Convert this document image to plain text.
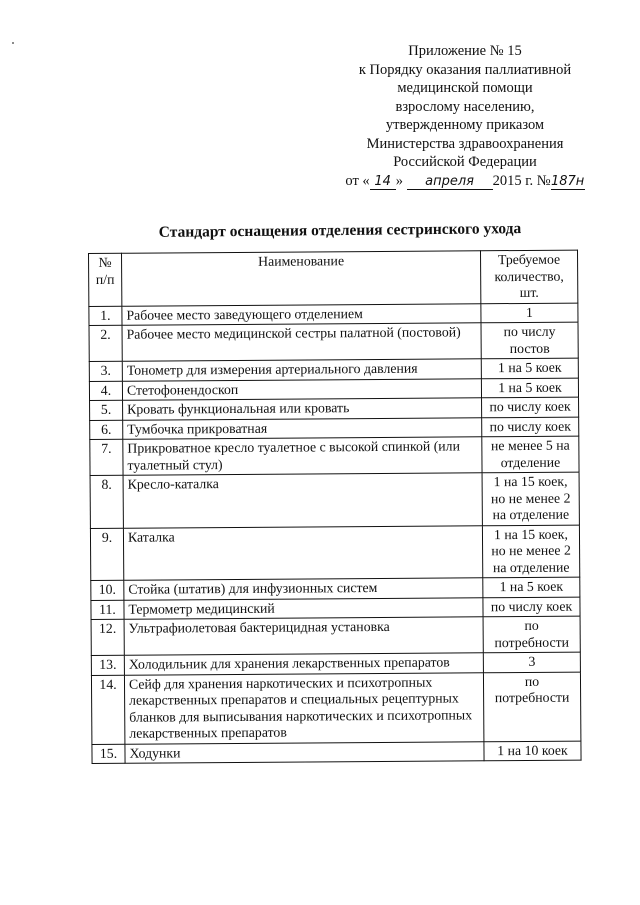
Приложение № 15
к Порядку оказания паллиативной
медицинской помощи
взрослому населению,
утвержденному приказом
Министерства здравоохранения
Российской Федерации
от « 14 » апреля 2015 г. №187н
Стандарт оснащения отделения сестринского ухода
№ п/п	Наименование	Требуемое количество, шт.
1.	Рабочее место заведующего отделением	1
2.	Рабочее место медицинской сестры палатной (постовой)	по числу постов
3.	Тонометр для измерения артериального давления	1 на 5 коек
4.	Стетофонендоскоп	1 на 5 коек
5.	Кровать функциональная или кровать	по числу коек
6.	Тумбочка прикроватная	по числу коек
7.	Прикроватное кресло туалетное с высокой спинкой (или туалетный стул)	не менее 5 на отделение
8.	Кресло-каталка	1 на 15 коек, но не менее 2 на отделение
9.	Каталка	1 на 15 коек, но не менее 2 на отделение
10.	Стойка (штатив) для инфузионных систем	1 на 5 коек
11.	Термометр медицинский	по числу коек
12.	Ультрафиолетовая бактерицидная установка	по потребности
13.	Холодильник для хранения лекарственных препаратов	3
14.	Сейф для хранения наркотических и психотропных лекарственных препаратов и специальных рецептурных бланков для выписывания наркотических и психотропных лекарственных препаратов	по потребности
15.	Ходунки	1 на 10 коек
